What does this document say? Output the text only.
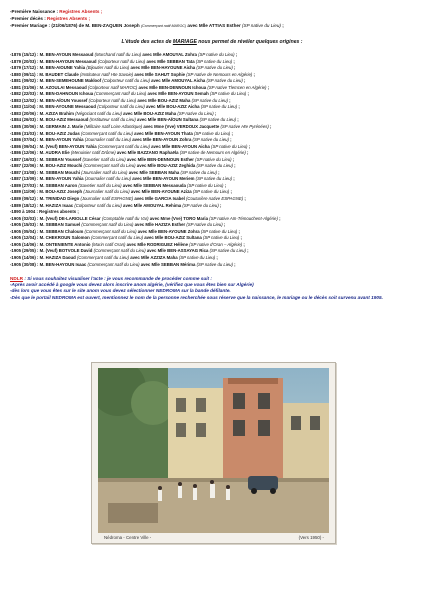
-Première Naissance : Registres Absents ;
-Premier décès : Registres Absents ;
-Premier Mariage : (21/06/1876) de M. BEN-ZAQUEN Joseph (Commerçant natif MAROC) avec Mlle ATTIAS Esther (SP native du Lieu) ;
L'étude des actes de MARIAGE nous permet de révéler quelques origines :
-1876 (15/12) : M. BEN-AYOUN Messaoud (Marchand natif du Lieu) avec Mlle AMOUYAL Zohra (SP native du Lieu) ;
-1879 (20/03) : M. BEN-HAYOUN Messaoud (Colporteur natif du Lieu) avec Mlle SEBBAN Tata (SP native du Lieu) ;
-1879 (17/12) : M. BEN-AIOUNE Yahia (Bijoutier natif du Lieu) avec Mlle BEN-HAYOUNE Aicha (SP native du Lieu) ;
-1880 (09/11) : M. BAUDET Claude (Instituteur natif Hte Savoie) avec Mlle SAHUT Sophie (SP native de Nemours en Algérie) ;
-1881 (09/02) : M. BEN-SEMEHOUNE Makloof (Colporteur natif du Lieu) avec Mlle AMOUYAL Aicha (SP native du Lieu) ;
-1881 (01/06) : M. AZOULAI Messaoud (Colporteur natif MAROC) avec Mlle BEN-DENNOUN Ichoua (SP native Tlemcen en Algérie) ;
-1882 (22/03) : M. BEN-DAHNOUN Ichoua (Commerçant natif du Lieu) avec Mlle BEN-AYOUN Semah (SP native du Lieu) ;
-1883 (12/02) : M. BEN-AÏOUN Youssef (Colporteur natif du Lieu) avec Mlle BOU-AZIZ Maha (SP native du Lieu) ;
-1883 (11/04) : M. BEN-AYOUNE Messaoud (Colporteur natif du Lieu) avec Mlle BOU-AZIZ Aicha (SP native du Lieu) ;
-1883 (20/06) : M. AZIZA Brahim (Négociant natif du Lieu) avec Mlle BOU-AZIZ Maha (SP native du Lieu) ;
-1884 (26/03) : M. BOU-AZIZ Messaoud (Instituteur natif du Lieu) avec Mlle BEN-AÏOUN Sultana (SP native du Lieu) ;
-1885 (30/06) : M. GERMAIN J. Marie (Militaire natif Loire Atlantique) avec Mme (Vve) VERDOUX Jacquette (SP native Hte Pyrénées) ;
-1886 (31/03) : M. BOU-AZIZ Judas (Commerçant natif du Lieu) avec Mlle BEN-AYOUN Thata (SP native du Lieu) ;
-1886 (07/04) : M. BEN-AYOUN Yahia (Journalier natif du Lieu) avec Mlle BEN-AYOUN Zohra (SP native du Lieu) ;
-1886 (09/04) : M. (Veuf) BEN-AYOUN Yahia (Commerçant natif du Lieu) avec Mlle BEN-AYOUN Aicha (SP native du Lieu) ;
-1886 (12/06) : M. AUDRA Elie (Menuisier natif Drôme) avec Mlle BAZZANO Raphaëla (SP native de Nemours en Algérie) ;
-1887 (16/03) : M. SEBBAN Youssef (Savetier natif du Lieu) avec Mlle BEN-DENNOUN Esther (SP native du Lieu) ;
-1887 (22/06) : M. BOU-AZIZ Mouchi (Commerçant natif du Lieu) avec Mlle BOU-AZIZ Zeghida (SP native du Lieu) ;
-1887 (31/08) : M. SEBBAN Mouchi (Journalier natif du Lieu) avec Mlle SEBBAN Maha (SP native du Lieu) ;
-1887 (13/09) : M. BEN-AYOUN Yahia (Journalier natif du Lieu) avec Mlle BEN-AYOUN Meriem (SP native du Lieu) ;
-1889 (27/03) : M. SEBBAN Aaron (Savetier natif du Lieu) avec Mlle SEBBAN Messaouda (SP native du Lieu) ;
-1889 (11/09) : M. BOU-AZIZ Joseph (Journalier natif du Lieu) avec Mlle BEN-AYOUNE Aziza (SP native du Lieu) ;
-1889 (09/12) : M. TRINIDAD Diego (Journalier natif ESPAGNE) avec Mlle GARCIA Isabel (Couturière native ESPAGNE) ;
-1889 (18/12) : M. HAZIZA Isaac (Colporteur natif du Lieu) avec Mlle AMOUYAL Rehima (SP native du Lieu) ;
-1890 à 1904 : Registres absents ;
-1905 (02/03) : M. (Veuf) DE-LARIOLLE César (Comptable natif du Var) avec Mme (Vve) TORO Maria (SP native Aïn-Témouchent-Algérie) ;
-1905 (15/03) : M. SEBBAN Samuel (Commerçant natif du Lieu) avec Mlle HAZIZA Esther (SP native du Lieu) ;
-1905 (05/04) : M. SEBBAN Chaloum (Commerçant natif du Lieu) avec Mlle BEN-AYOUNE Zohra (SP native du Lieu) ;
-1905 (12/04) : M. CHEKROUN Salomon (Commerçant natif du Lieu) avec Mlle BOU-AZIZ Sultana (SP native du Lieu) ;
-1905 (14/06) : M. ONTENIENTE Antonio (Marin natif Oran) avec Mlle RODRIGUEZ Hélène (SP native d'Oran – Algérie) ;
-1905 (29/05) : M. (Veuf) BOTVOLE David (Commerçant natif du Lieu) avec Mlle BEN-ASSAYAG Rica (SP native du Lieu) ;
-1905 (14/06) : M. HAZIZA Daoud (Commerçant natif du Lieu) avec Mlle AZZIZA Maha (SP native du Lieu) ;
-1905 (30/08) : M. BEN-HAYOUN Isaac (Commerçant natif du Lieu) avec Mlle SEBBAN Mérima (SP native du Lieu) ;
NDLR : Si vous souhaitez visualiser l'acte : je vous recommande de procéder comme suit :
-Après avoir accédé à google vous devez alors inscrire anom algérie, (vérifiez que vous êtes bien sur Algérie)
-dès lors que vous êtes sur le site anom vous devez sélectionner NEDROMA sur la bande défilante.
-Dès que le portail NEDROMA est ouvert, mentionnez le nom de la personne recherchée sous réserve que la naissance, le mariage ou le décès soit survenu avant 1905.
Nédroma - Centre Ville -	(Vers 1950) -
